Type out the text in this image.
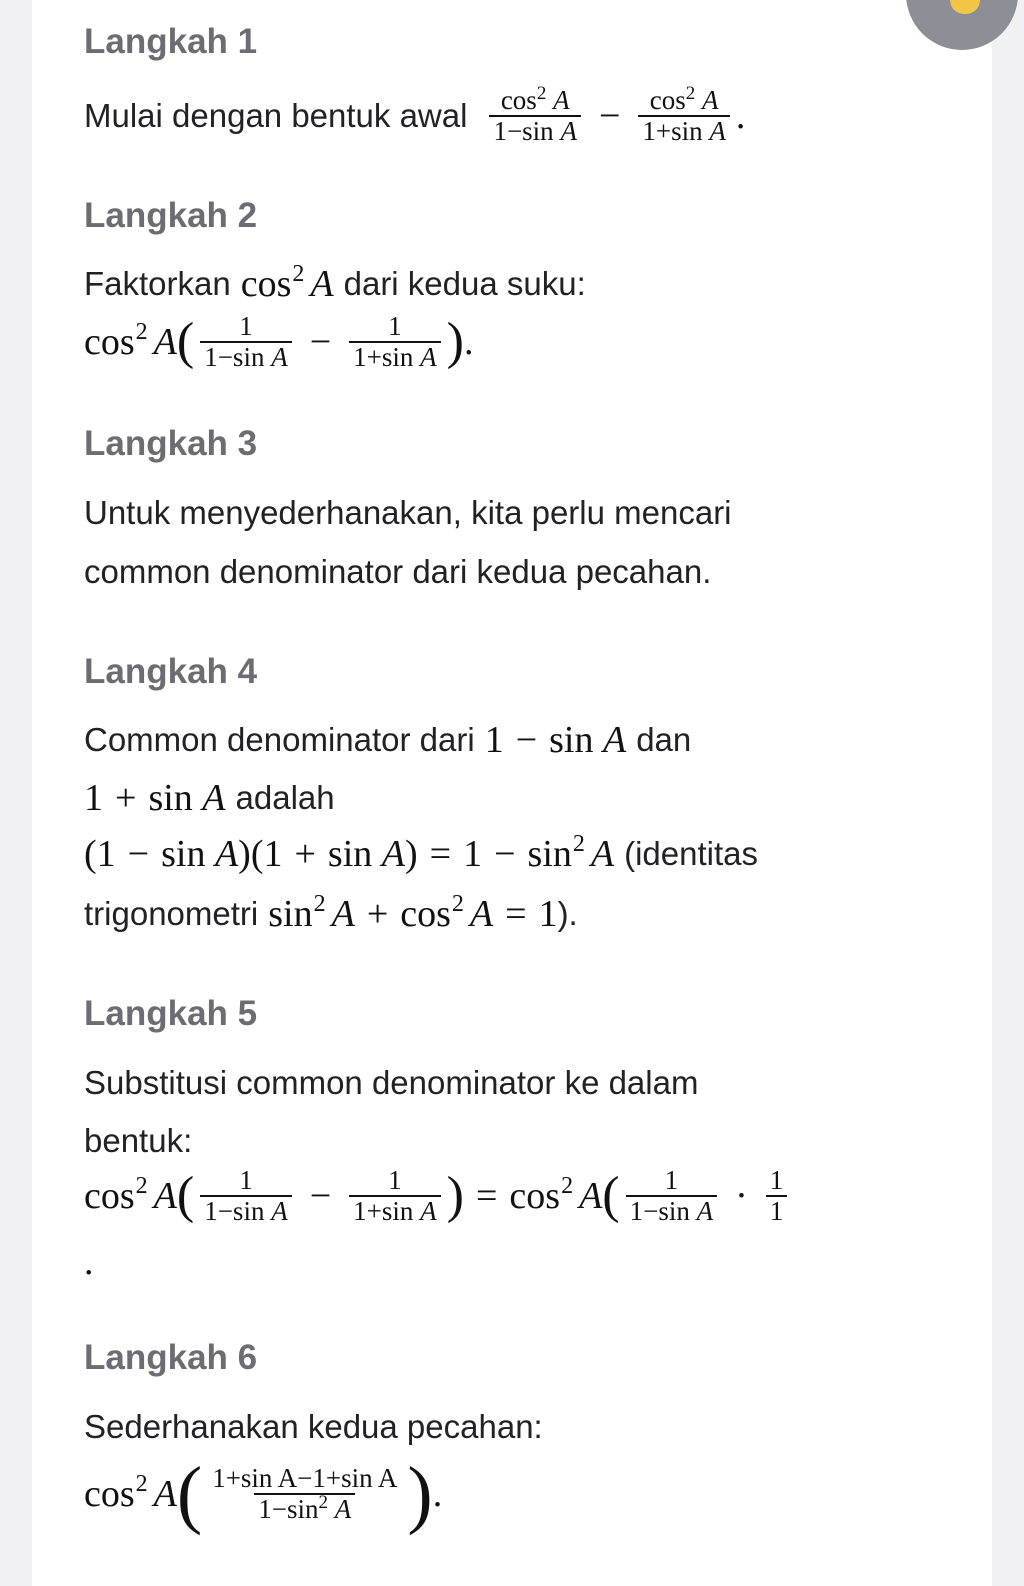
Langkah 1
Mulai dengan bentuk awal $\frac{\cos^2 A}{\text{1−sin A}} - \frac{\cos^2 A}{\text{1+sin A}}$ .
Langkah 2
Faktorkan $\cos^2 A$ dari kedua suku:
$\cos^2 A$ ( $\frac{1}{\text{1−sin A}} - \frac{1}{\text{1+sin A}}$ ) .
Langkah 3
Untuk menyederhanakan, kita perlu mencari
common denominator dari kedua pecahan.
Langkah 4
Common denominator dari 1 − sin A dan
1 + sin A adalah
$(1 - \sin A)(1 + \sin A) = 1 - \sin^2 A$ (identitas
trigonometri $\sin^2 A + \cos^2 A = 1$ ).
Langkah 5
Substitusi common denominator ke dalam
bentuk:
$\cos^2 A$ ( $\frac{1}{\text{1−sin A}} - \frac{1}{\text{1+sin A}}$ ) = $\cos^2 A$ ( $\frac{1}{\text{1−sin A}} \cdot \frac{1}{1}$
.
Langkah 6
Sederhanakan kedua pecahan:
$\cos^2 A$ ( $\frac{\text{1+sin A−1+sin A}}{1-\sin^2 A}$ ) .
